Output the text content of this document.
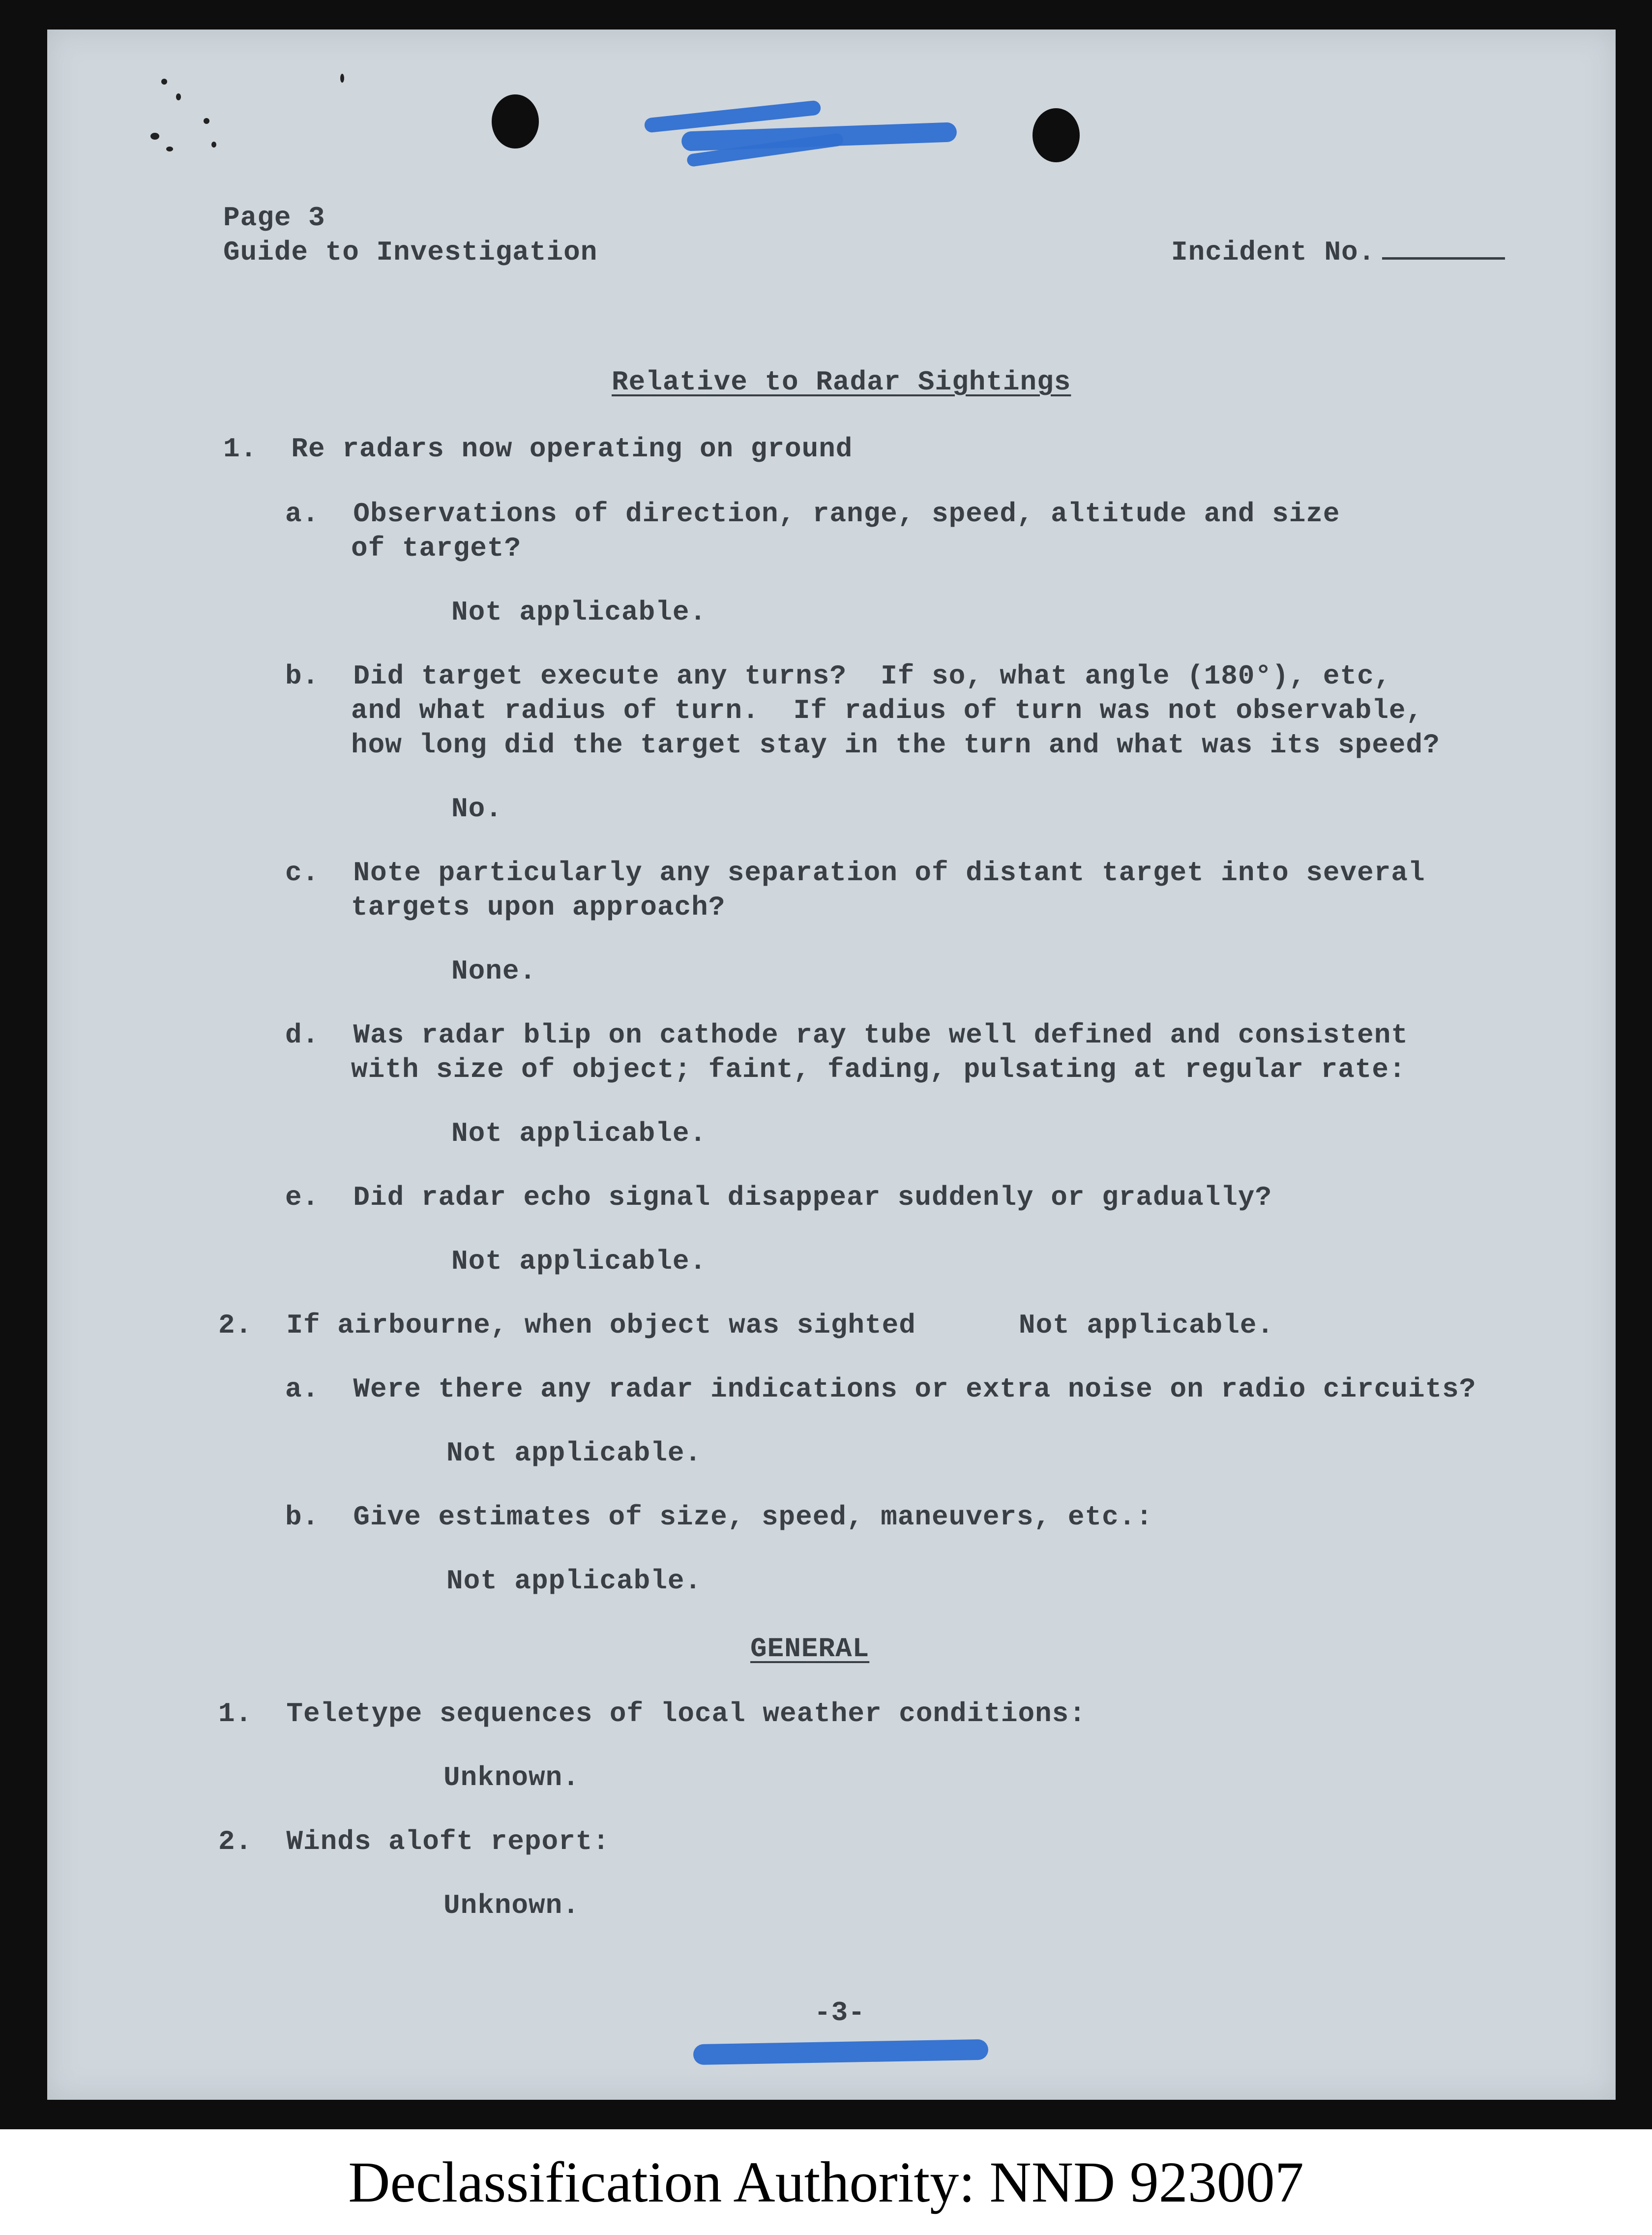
Page 3
Guide to Investigation	Incident No.
Relative to Radar Sightings
1.  Re radars now operating on ground
a.  Observations of direction, range, speed, altitude and size
of target?
Not applicable.
b.  Did target execute any turns?  If so, what angle (180°), etc,
and what radius of turn.  If radius of turn was not observable,
how long did the target stay in the turn and what was its speed?
No.
c.  Note particularly any separation of distant target into several
targets upon approach?
None.
d.  Was radar blip on cathode ray tube well defined and consistent
with size of object; faint, fading, pulsating at regular rate:
Not applicable.
e.  Did radar echo signal disappear suddenly or gradually?
Not applicable.
2.  If airbourne, when object was sighted	Not applicable.
a.  Were there any radar indications or extra noise on radio circuits?
Not applicable.
b.  Give estimates of size, speed, maneuvers, etc.:
Not applicable.
GENERAL
1.  Teletype sequences of local weather conditions:
Unknown.
2.  Winds aloft report:
Unknown.
-3-
Declassification Authority: NND 923007
